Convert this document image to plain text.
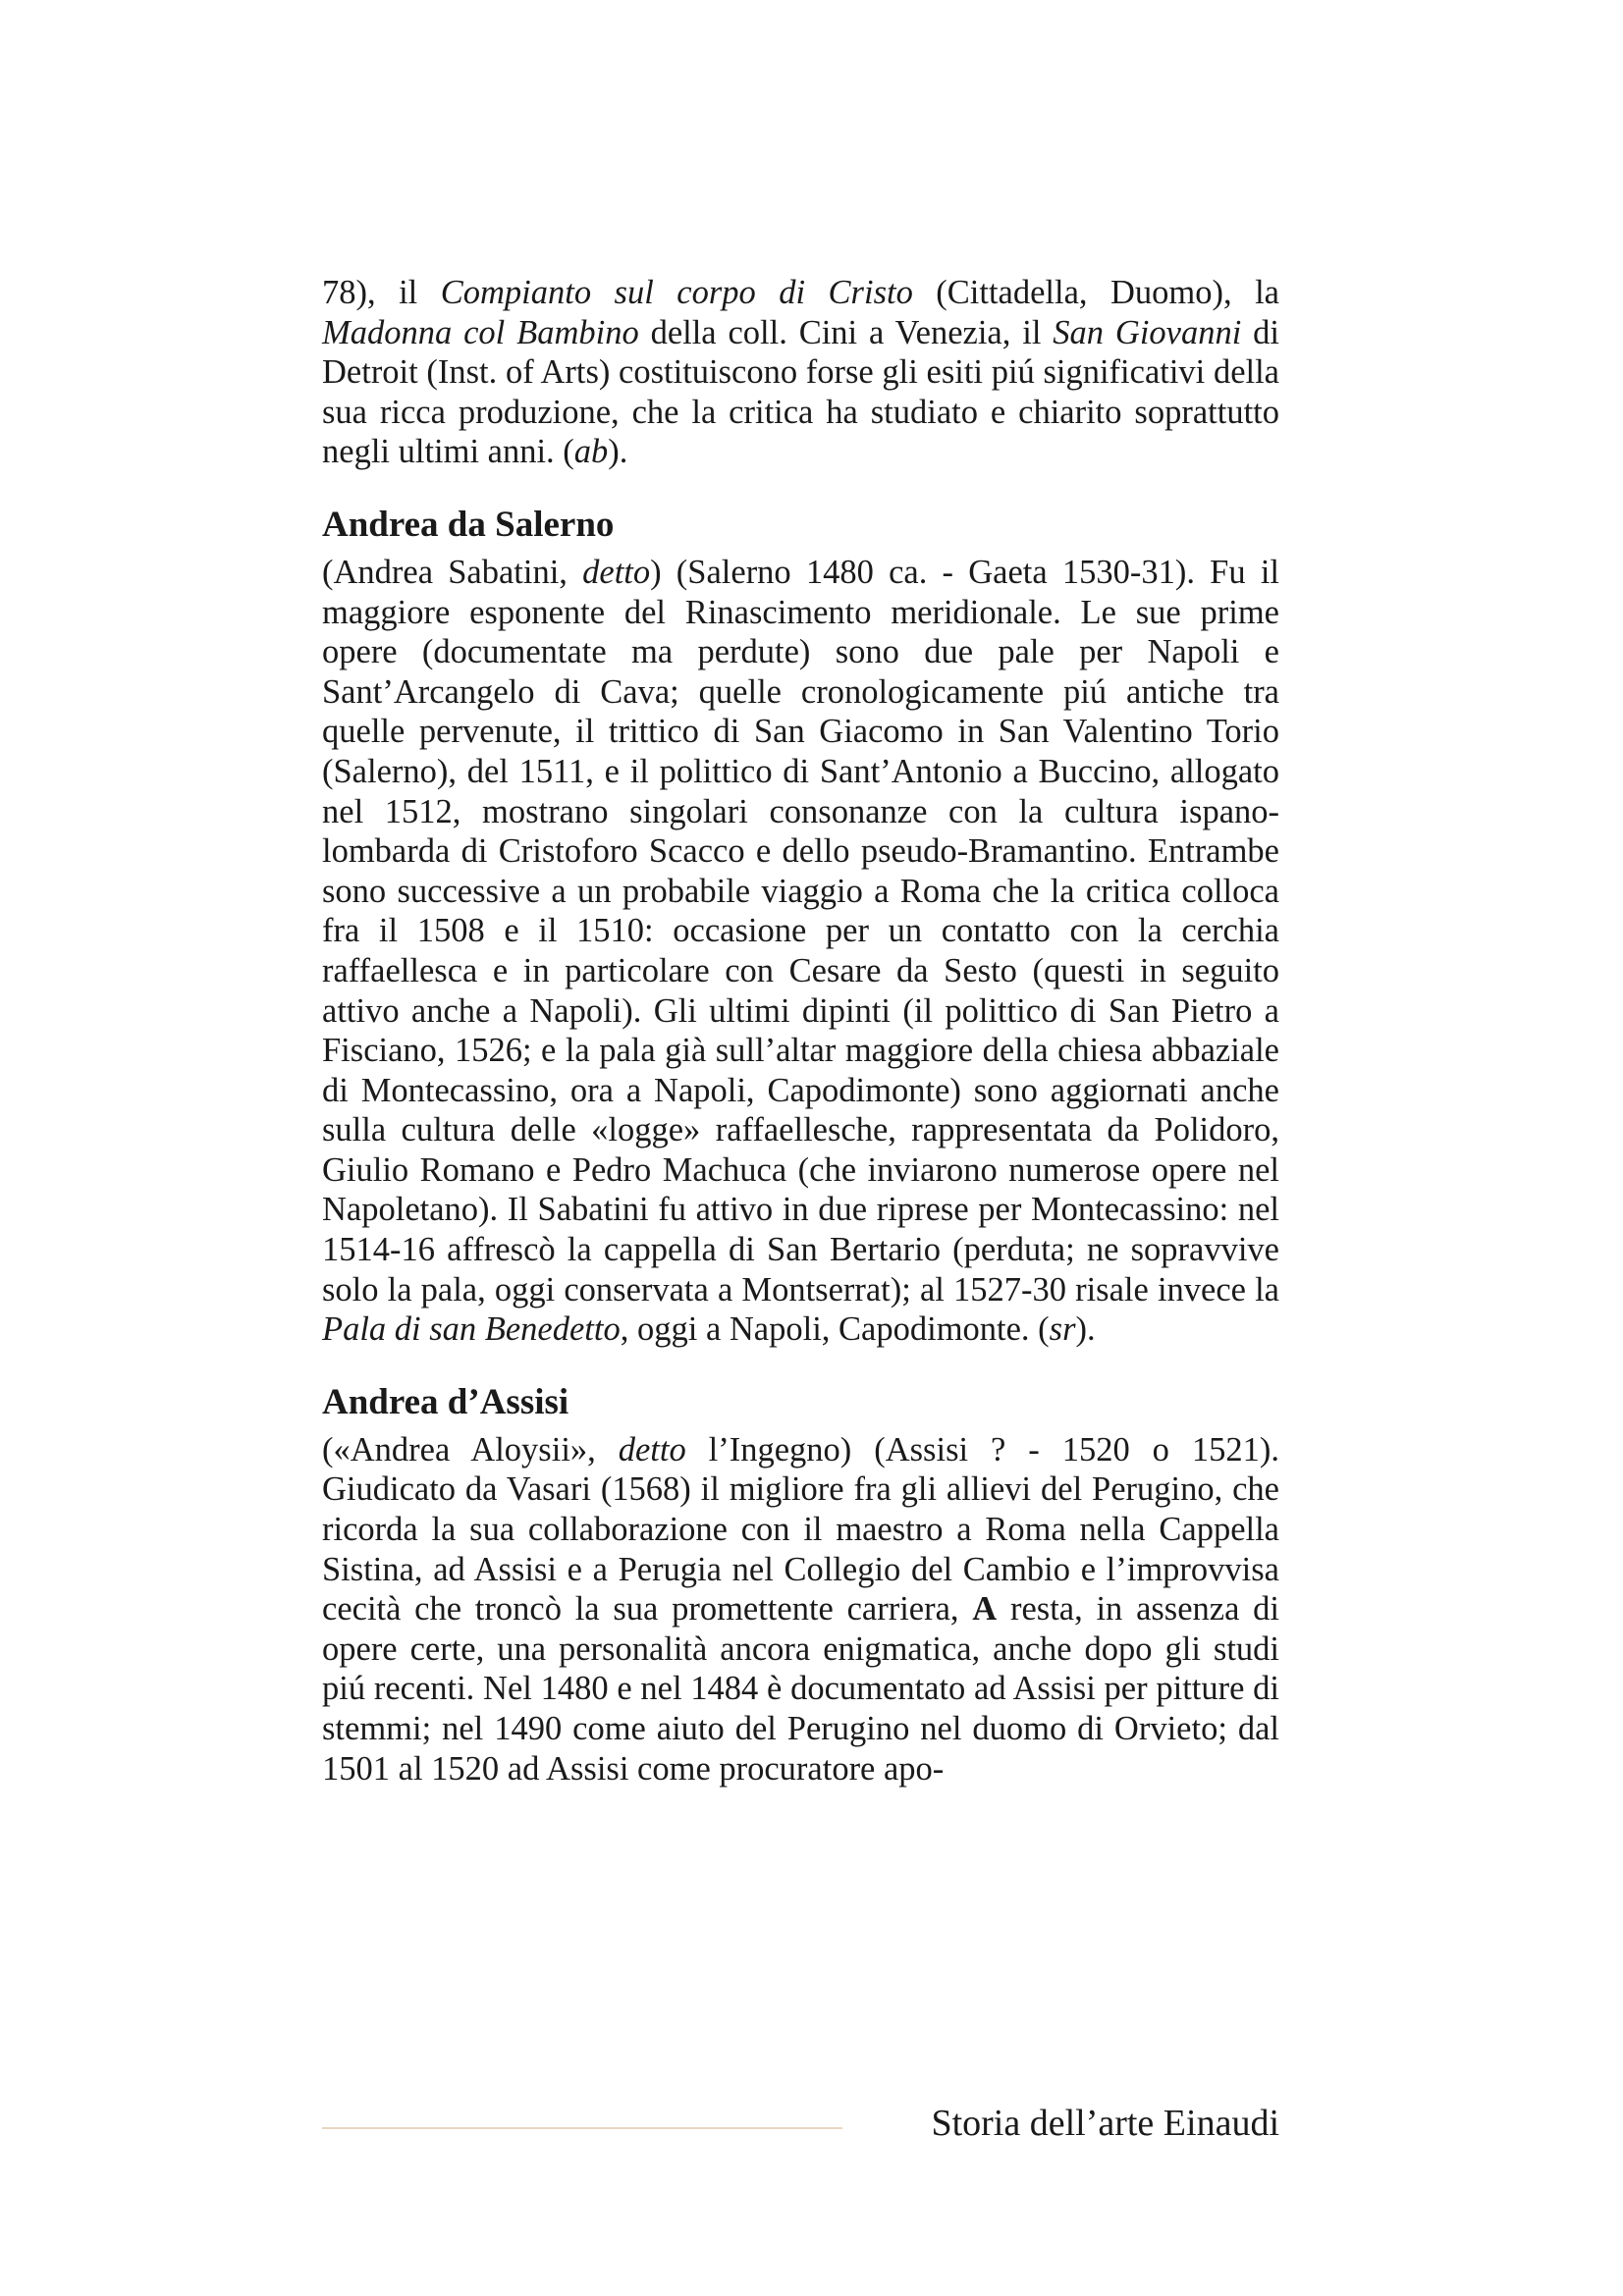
78), il Compianto sul corpo di Cristo (Cittadella, Duomo), la Madonna col Bambino della coll. Cini a Venezia, il San Giovanni di Detroit (Inst. of Arts) costituiscono forse gli esiti piú significativi della sua ricca produzione, che la critica ha studiato e chiarito soprattutto negli ultimi anni. (ab).

Andrea da Salerno

(Andrea Sabatini, detto) (Salerno 1480 ca. - Gaeta 1530-31). Fu il maggiore esponente del Rinascimento meridionale. Le sue prime opere (documentate ma perdute) sono due pale per Napoli e Sant’Arcangelo di Cava; quelle cronologicamente piú antiche tra quelle pervenute, il trittico di San Giacomo in San Valentino Torio (Salerno), del 1511, e il polittico di Sant’Antonio a Buccino, allogato nel 1512, mostrano singolari consonanze con la cultura ispano-lombarda di Cristoforo Scacco e dello pseudo-Bramantino. Entrambe sono successive a un probabile viaggio a Roma che la critica colloca fra il 1508 e il 1510: occasione per un contatto con la cerchia raffaellesca e in particolare con Cesare da Sesto (questi in seguito attivo anche a Napoli). Gli ultimi dipinti (il polittico di San Pietro a Fisciano, 1526; e la pala già sull’altar maggiore della chiesa abbaziale di Montecassino, ora a Napoli, Capodimonte) sono aggiornati anche sulla cultura delle «logge» raffaellesche, rappresentata da Polidoro, Giulio Romano e Pedro Machuca (che inviarono numerose opere nel Napoletano). Il Sabatini fu attivo in due riprese per Montecassino: nel 1514-16 affrescò la cappella di San Bertario (perduta; ne sopravvive solo la pala, oggi conservata a Montserrat); al 1527-30 risale invece la Pala di san Benedetto, oggi a Napoli, Capodimonte. (sr).

Andrea d’Assisi

(«Andrea Aloysii», detto l’Ingegno) (Assisi ? - 1520 o 1521). Giudicato da Vasari (1568) il migliore fra gli allievi del Perugino, che ricorda la sua collaborazione con il maestro a Roma nella Cappella Sistina, ad Assisi e a Perugia nel Collegio del Cambio e l’improvvisa cecità che troncò la sua promettente carriera, A resta, in assenza di opere certe, una personalità ancora enigmatica, anche dopo gli studi piú recenti. Nel 1480 e nel 1484 è documentato ad Assisi per pitture di stemmi; nel 1490 come aiuto del Perugino nel duomo di Orvieto; dal 1501 al 1520 ad Assisi come procuratore apo-

Storia dell’arte Einaudi
